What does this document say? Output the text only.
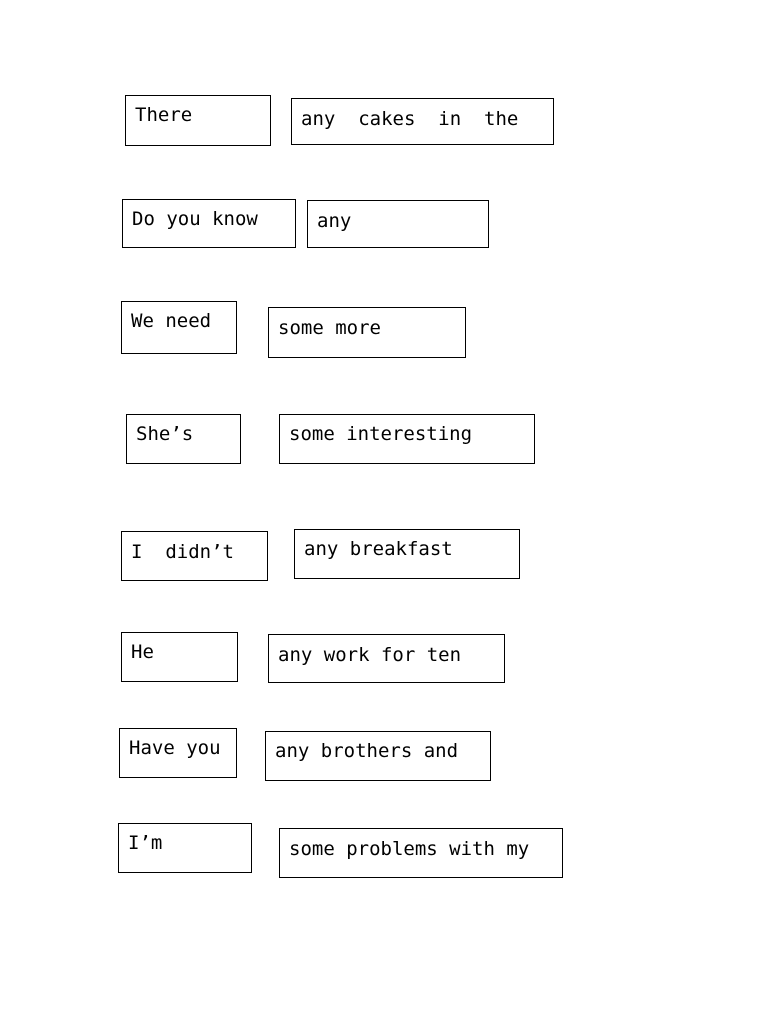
There	any  cakes  in  the
Do you know	any
We need	some more
She’s	some interesting
I  didn’t	any breakfast
He	any work for ten
Have you	any brothers and
I’m	some problems with my
